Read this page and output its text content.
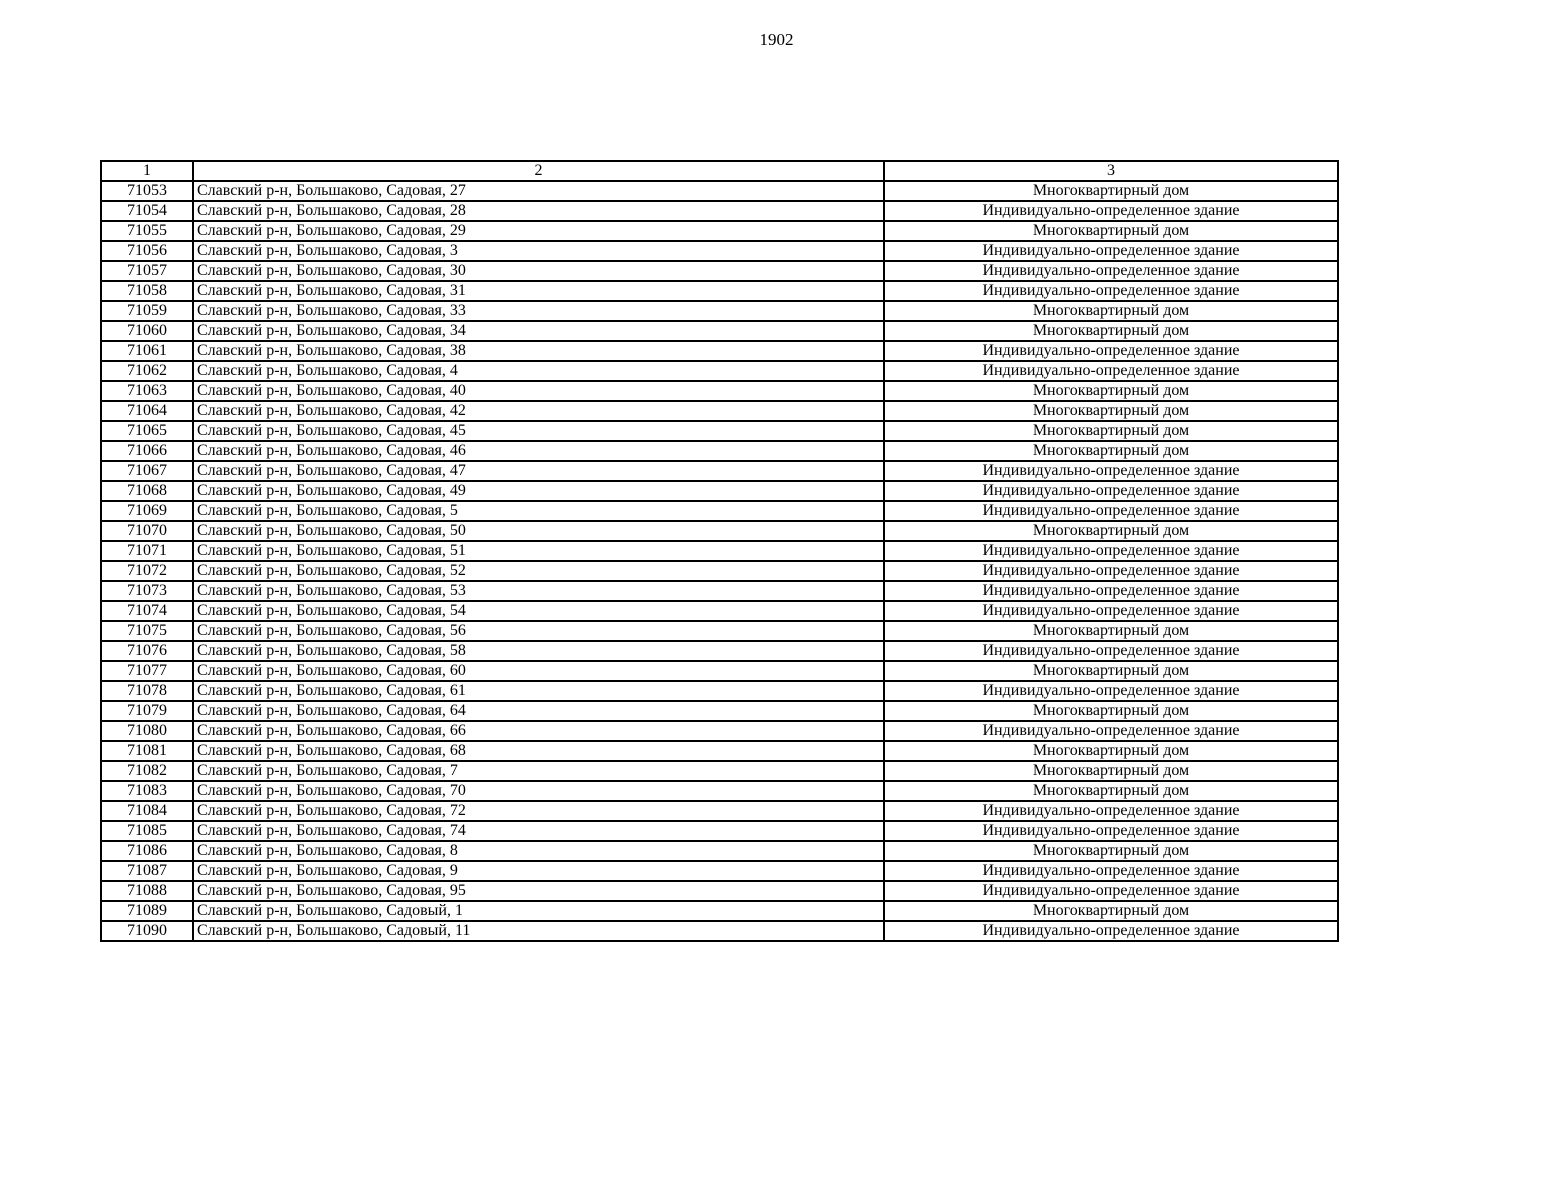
1902
1	2	3
71053	Славский р-н, Большаково, Садовая, 27	Многоквартирный дом
71054	Славский р-н, Большаково, Садовая, 28	Индивидуально-определенное здание
71055	Славский р-н, Большаково, Садовая, 29	Многоквартирный дом
71056	Славский р-н, Большаково, Садовая, 3	Индивидуально-определенное здание
71057	Славский р-н, Большаково, Садовая, 30	Индивидуально-определенное здание
71058	Славский р-н, Большаково, Садовая, 31	Индивидуально-определенное здание
71059	Славский р-н, Большаково, Садовая, 33	Многоквартирный дом
71060	Славский р-н, Большаково, Садовая, 34	Многоквартирный дом
71061	Славский р-н, Большаково, Садовая, 38	Индивидуально-определенное здание
71062	Славский р-н, Большаково, Садовая, 4	Индивидуально-определенное здание
71063	Славский р-н, Большаково, Садовая, 40	Многоквартирный дом
71064	Славский р-н, Большаково, Садовая, 42	Многоквартирный дом
71065	Славский р-н, Большаково, Садовая, 45	Многоквартирный дом
71066	Славский р-н, Большаково, Садовая, 46	Многоквартирный дом
71067	Славский р-н, Большаково, Садовая, 47	Индивидуально-определенное здание
71068	Славский р-н, Большаково, Садовая, 49	Индивидуально-определенное здание
71069	Славский р-н, Большаково, Садовая, 5	Индивидуально-определенное здание
71070	Славский р-н, Большаково, Садовая, 50	Многоквартирный дом
71071	Славский р-н, Большаково, Садовая, 51	Индивидуально-определенное здание
71072	Славский р-н, Большаково, Садовая, 52	Индивидуально-определенное здание
71073	Славский р-н, Большаково, Садовая, 53	Индивидуально-определенное здание
71074	Славский р-н, Большаково, Садовая, 54	Индивидуально-определенное здание
71075	Славский р-н, Большаково, Садовая, 56	Многоквартирный дом
71076	Славский р-н, Большаково, Садовая, 58	Индивидуально-определенное здание
71077	Славский р-н, Большаково, Садовая, 60	Многоквартирный дом
71078	Славский р-н, Большаково, Садовая, 61	Индивидуально-определенное здание
71079	Славский р-н, Большаково, Садовая, 64	Многоквартирный дом
71080	Славский р-н, Большаково, Садовая, 66	Индивидуально-определенное здание
71081	Славский р-н, Большаково, Садовая, 68	Многоквартирный дом
71082	Славский р-н, Большаково, Садовая, 7	Многоквартирный дом
71083	Славский р-н, Большаково, Садовая, 70	Многоквартирный дом
71084	Славский р-н, Большаково, Садовая, 72	Индивидуально-определенное здание
71085	Славский р-н, Большаково, Садовая, 74	Индивидуально-определенное здание
71086	Славский р-н, Большаково, Садовая, 8	Многоквартирный дом
71087	Славский р-н, Большаково, Садовая, 9	Индивидуально-определенное здание
71088	Славский р-н, Большаково, Садовая, 95	Индивидуально-определенное здание
71089	Славский р-н, Большаково, Садовый, 1	Многоквартирный дом
71090	Славский р-н, Большаково, Садовый, 11	Индивидуально-определенное здание
